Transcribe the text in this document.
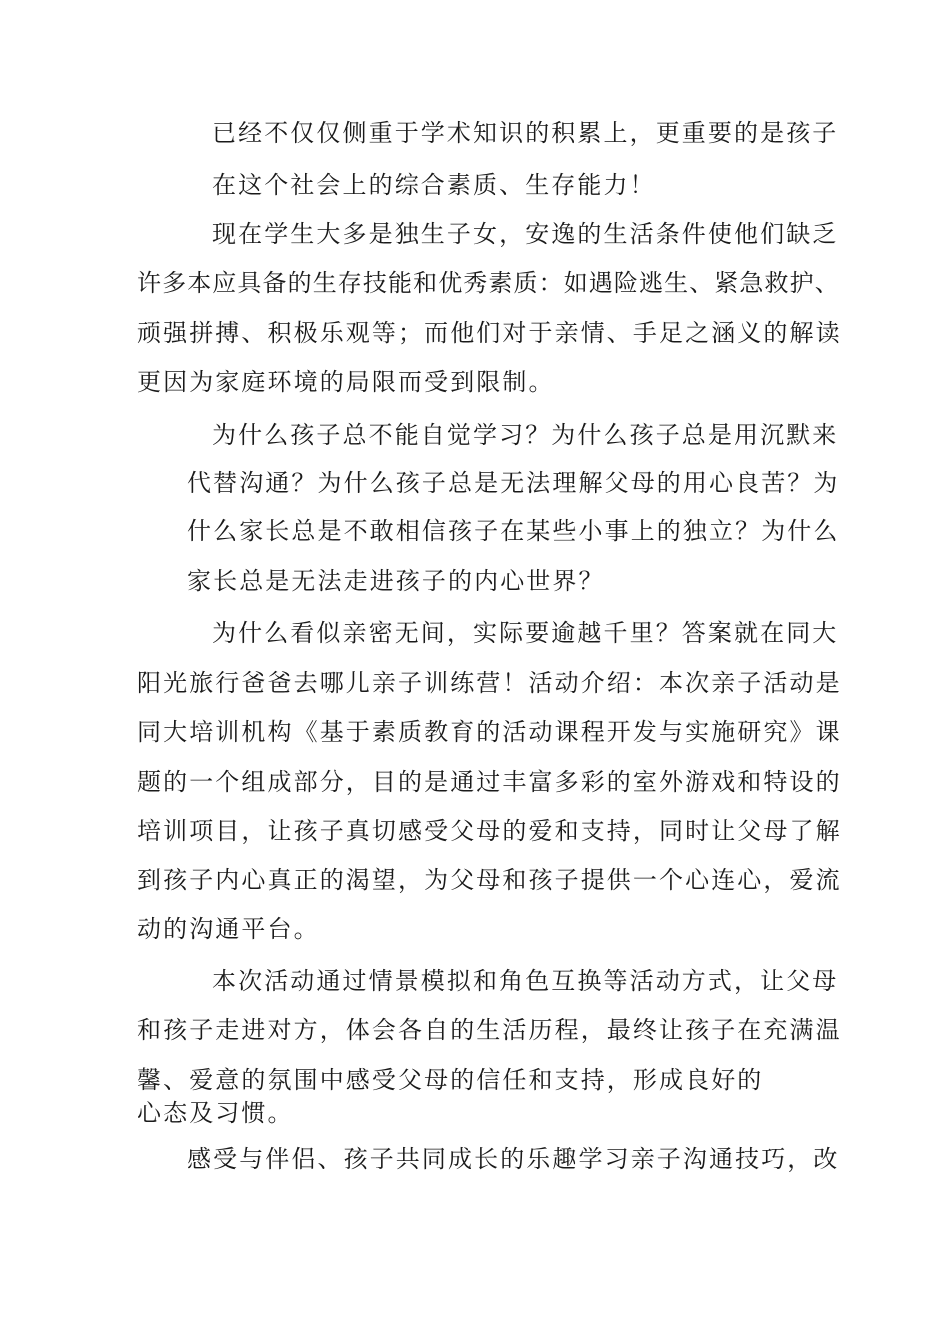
已经不仅仅侧重于学术知识的积累上，更重要的是孩子

在这个社会上的综合素质、生存能力！

现在学生大多是独生子女，安逸的生活条件使他们缺乏

许多本应具备的生存技能和优秀素质：如遇险逃生、紧急救护、

顽强拼搏、积极乐观等；而他们对于亲情、手足之涵义的解读

更因为家庭环境的局限而受到限制。

为什么孩子总不能自觉学习？为什么孩子总是用沉默来

代替沟通？为什么孩子总是无法理解父母的用心良苦？为

什么家长总是不敢相信孩子在某些小事上的独立？为什么

家长总是无法走进孩子的内心世界？

为什么看似亲密无间，实际要逾越千里？答案就在同大

阳光旅行爸爸去哪儿亲子训练营！活动介绍：本次亲子活动是

同大培训机构《基于素质教育的活动课程开发与实施研究》课

题的一个组成部分，目的是通过丰富多彩的室外游戏和特设的

培训项目，让孩子真切感受父母的爱和支持，同时让父母了解

到孩子内心真正的渴望，为父母和孩子提供一个心连心，爱流

动的沟通平台。

本次活动通过情景模拟和角色互换等活动方式，让父母

和孩子走进对方，体会各自的生活历程，最终让孩子在充满温

馨、爱意的氛围中感受父母的信任和支持，形成良好的

心态及习惯。

感受与伴侣、孩子共同成长的乐趣学习亲子沟通技巧，改
